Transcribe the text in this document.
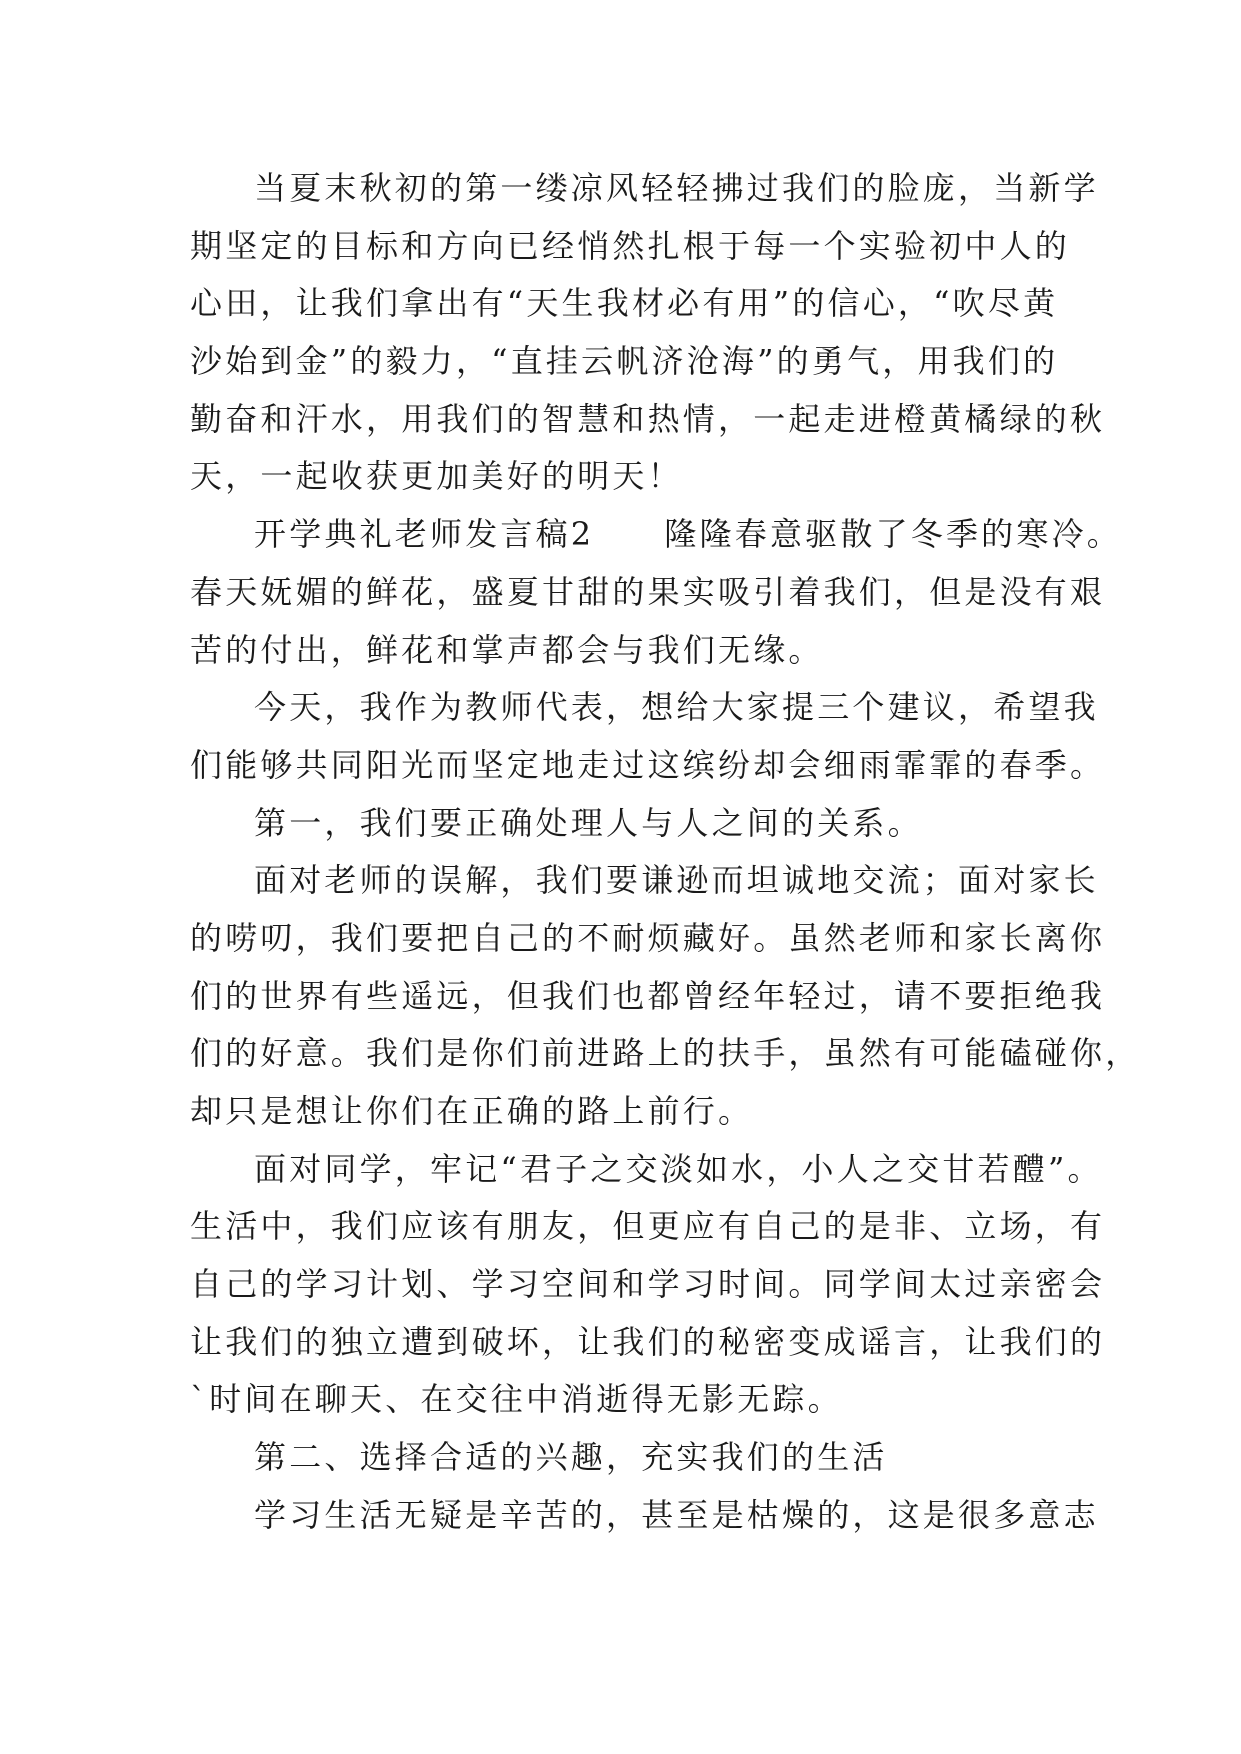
当夏末秋初的第一缕凉风轻轻拂过我们的脸庞，当新学
期坚定的目标和方向已经悄然扎根于每一个实验初中人的
心田，让我们拿出有“天生我材必有用”的信心，“吹尽黄
沙始到金”的毅力，“直挂云帆济沧海”的勇气，用我们的
勤奋和汗水，用我们的智慧和热情，一起走进橙黄橘绿的秋
天，一起收获更加美好的明天！
开学典礼老师发言稿2 隆隆春意驱散了冬季的寒冷。
春天妩媚的鲜花，盛夏甘甜的果实吸引着我们，但是没有艰
苦的付出，鲜花和掌声都会与我们无缘。
今天，我作为教师代表，想给大家提三个建议，希望我
们能够共同阳光而坚定地走过这缤纷却会细雨霏霏的春季。
第一，我们要正确处理人与人之间的关系。
面对老师的误解，我们要谦逊而坦诚地交流；面对家长
的唠叨，我们要把自己的不耐烦藏好。虽然老师和家长离你
们的世界有些遥远，但我们也都曾经年轻过，请不要拒绝我
们的好意。我们是你们前进路上的扶手，虽然有可能磕碰你，
却只是想让你们在正确的路上前行。
面对同学，牢记“君子之交淡如水，小人之交甘若醴”。
生活中，我们应该有朋友，但更应有自己的是非、立场，有
自己的学习计划、学习空间和学习时间。同学间太过亲密会
让我们的独立遭到破坏，让我们的秘密变成谣言，让我们的
`时间在聊天、在交往中消逝得无影无踪。
第二、选择合适的兴趣，充实我们的生活
学习生活无疑是辛苦的，甚至是枯燥的，这是很多意志
